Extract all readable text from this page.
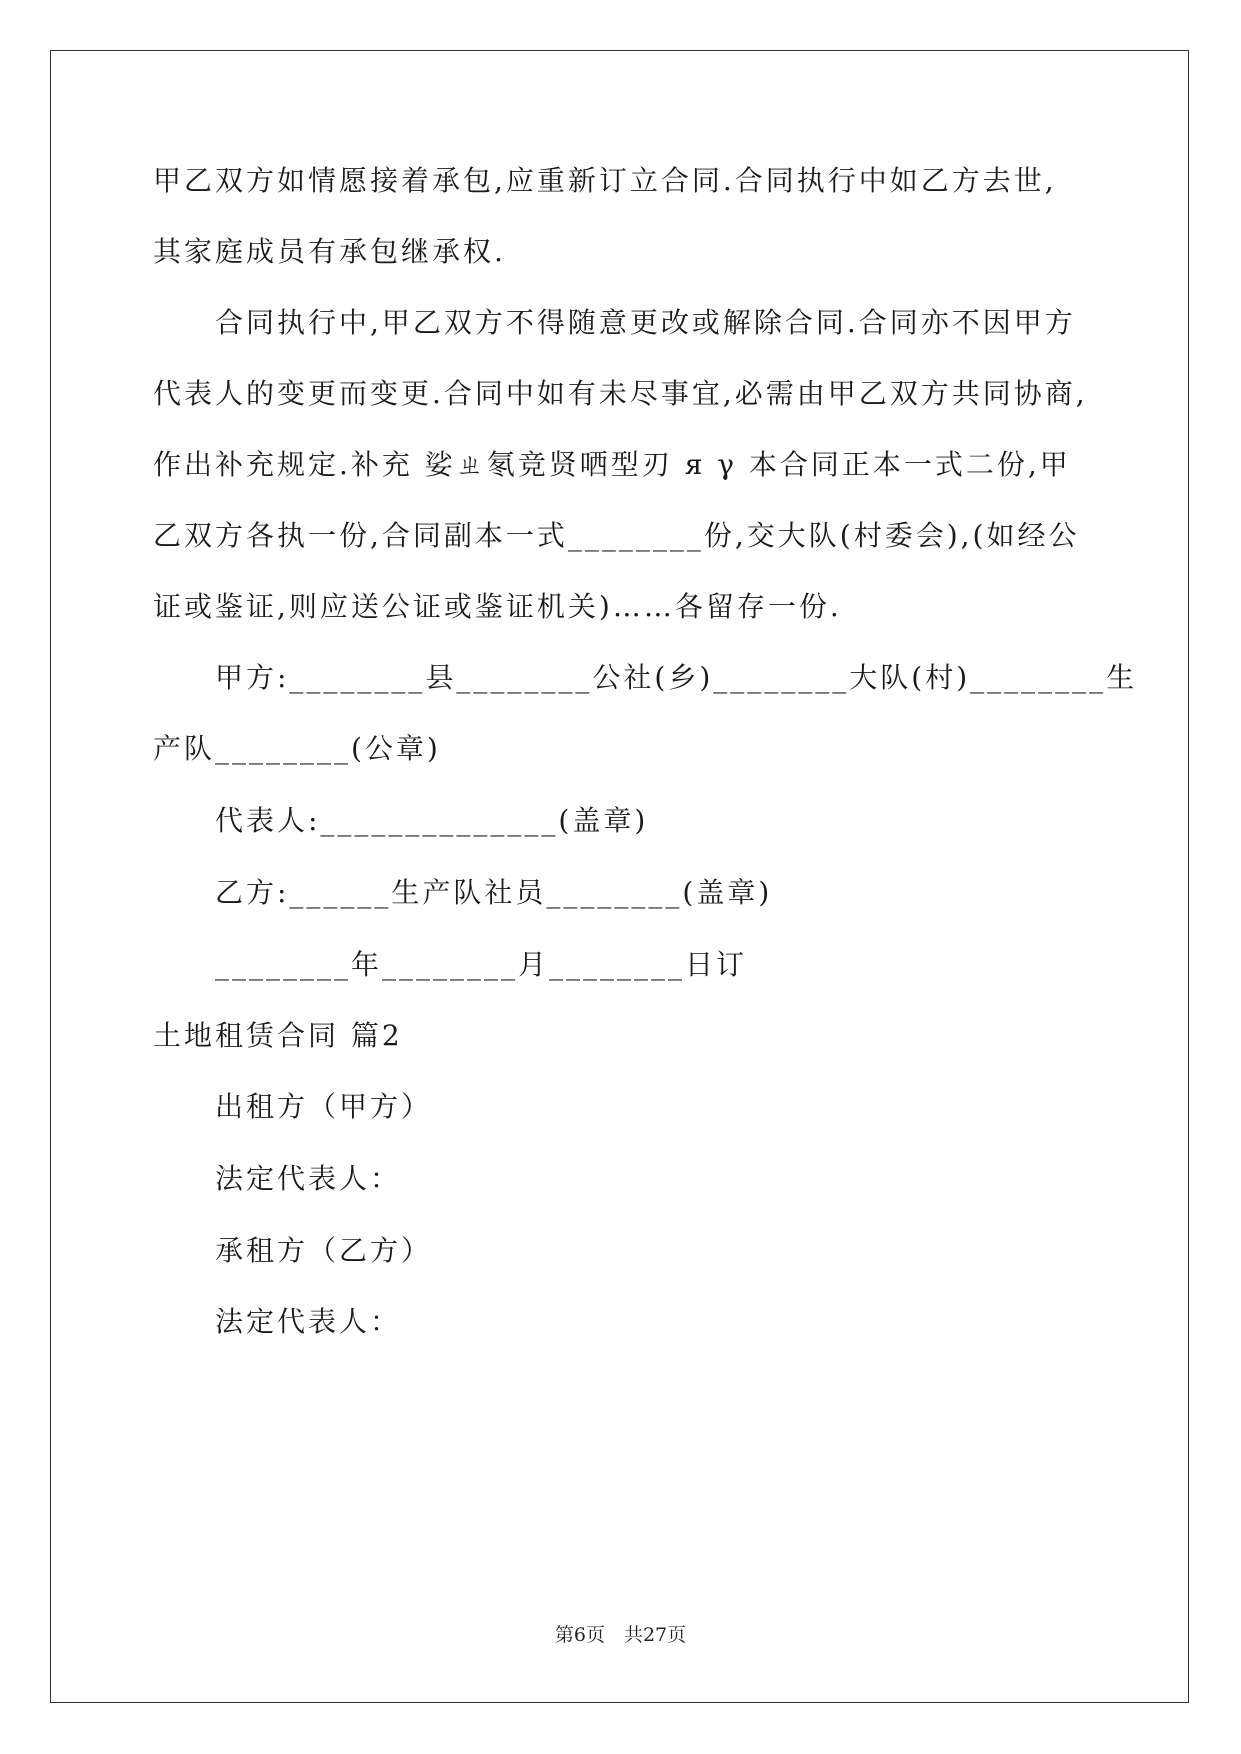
甲乙双方如情愿接着承包,应重新订立合同.合同执行中如乙方去世,

其家庭成员有承包继承权.

合同执行中,甲乙双方不得随意更改或解除合同.合同亦不因甲方

代表人的变更而变更.合同中如有未尽事宜,必需由甲乙双方共同协商,

作出补充规定.补充 娑ㄓ氡竞贤哂型刃 я γ 本合同正本一式二份,甲

乙双方各执一份,合同副本一式________份,交大队(村委会),(如经公

证或鉴证,则应送公证或鉴证机关)……各留存一份.

甲方:________县________公社(乡)________大队(村)________生

产队________(公章)

代表人:______________(盖章)

乙方:______生产队社员________(盖章)

________年________月________日订

土地租赁合同 篇2

出租方（甲方）

法定代表人：

承租方（乙方）

法定代表人：

第6页　共27页
